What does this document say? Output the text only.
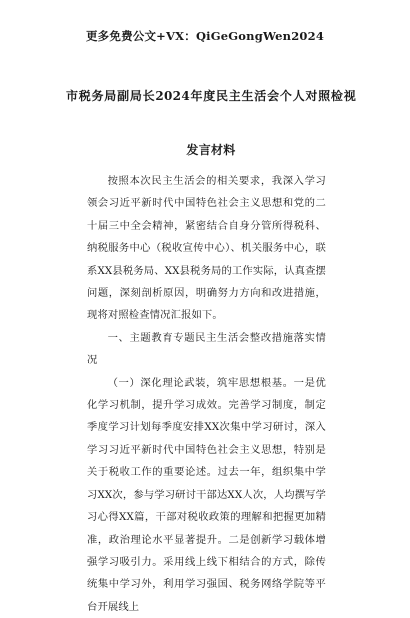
更多免费公文+VX：QiGeGongWen2024
市税务局副局长2024年度民主生活会个人对照检视发言材料

按照本次民主生活会的相关要求，我深入学习领会习近平新时代中国特色社会主义思想和党的二十届三中全会精神，紧密结合自身分管所得税科、纳税服务中心（税收宣传中心）、机关服务中心，联系XX县税务局、XX县税务局的工作实际，认真查摆问题，深刻剖析原因，明确努力方向和改进措施，现将对照检查情况汇报如下。

一、主题教育专题民主生活会整改措施落实情况

（一）深化理论武装，筑牢思想根基。一是优化学习机制，提升学习成效。完善学习制度，制定季度学习计划每季度安排XX次集中学习研讨，深入学习习近平新时代中国特色社会主义思想，特别是关于税收工作的重要论述。过去一年，组织集中学习XX次，参与学习研讨干部达XX人次，人均撰写学习心得XX篇，干部对税收政策的理解和把握更加精准，政治理论水平显著提升。二是创新学习载体增强学习吸引力。采用线上线下相结合的方式，除传统集中学习外，利用学习强国、税务网络学院等平台开展线上
